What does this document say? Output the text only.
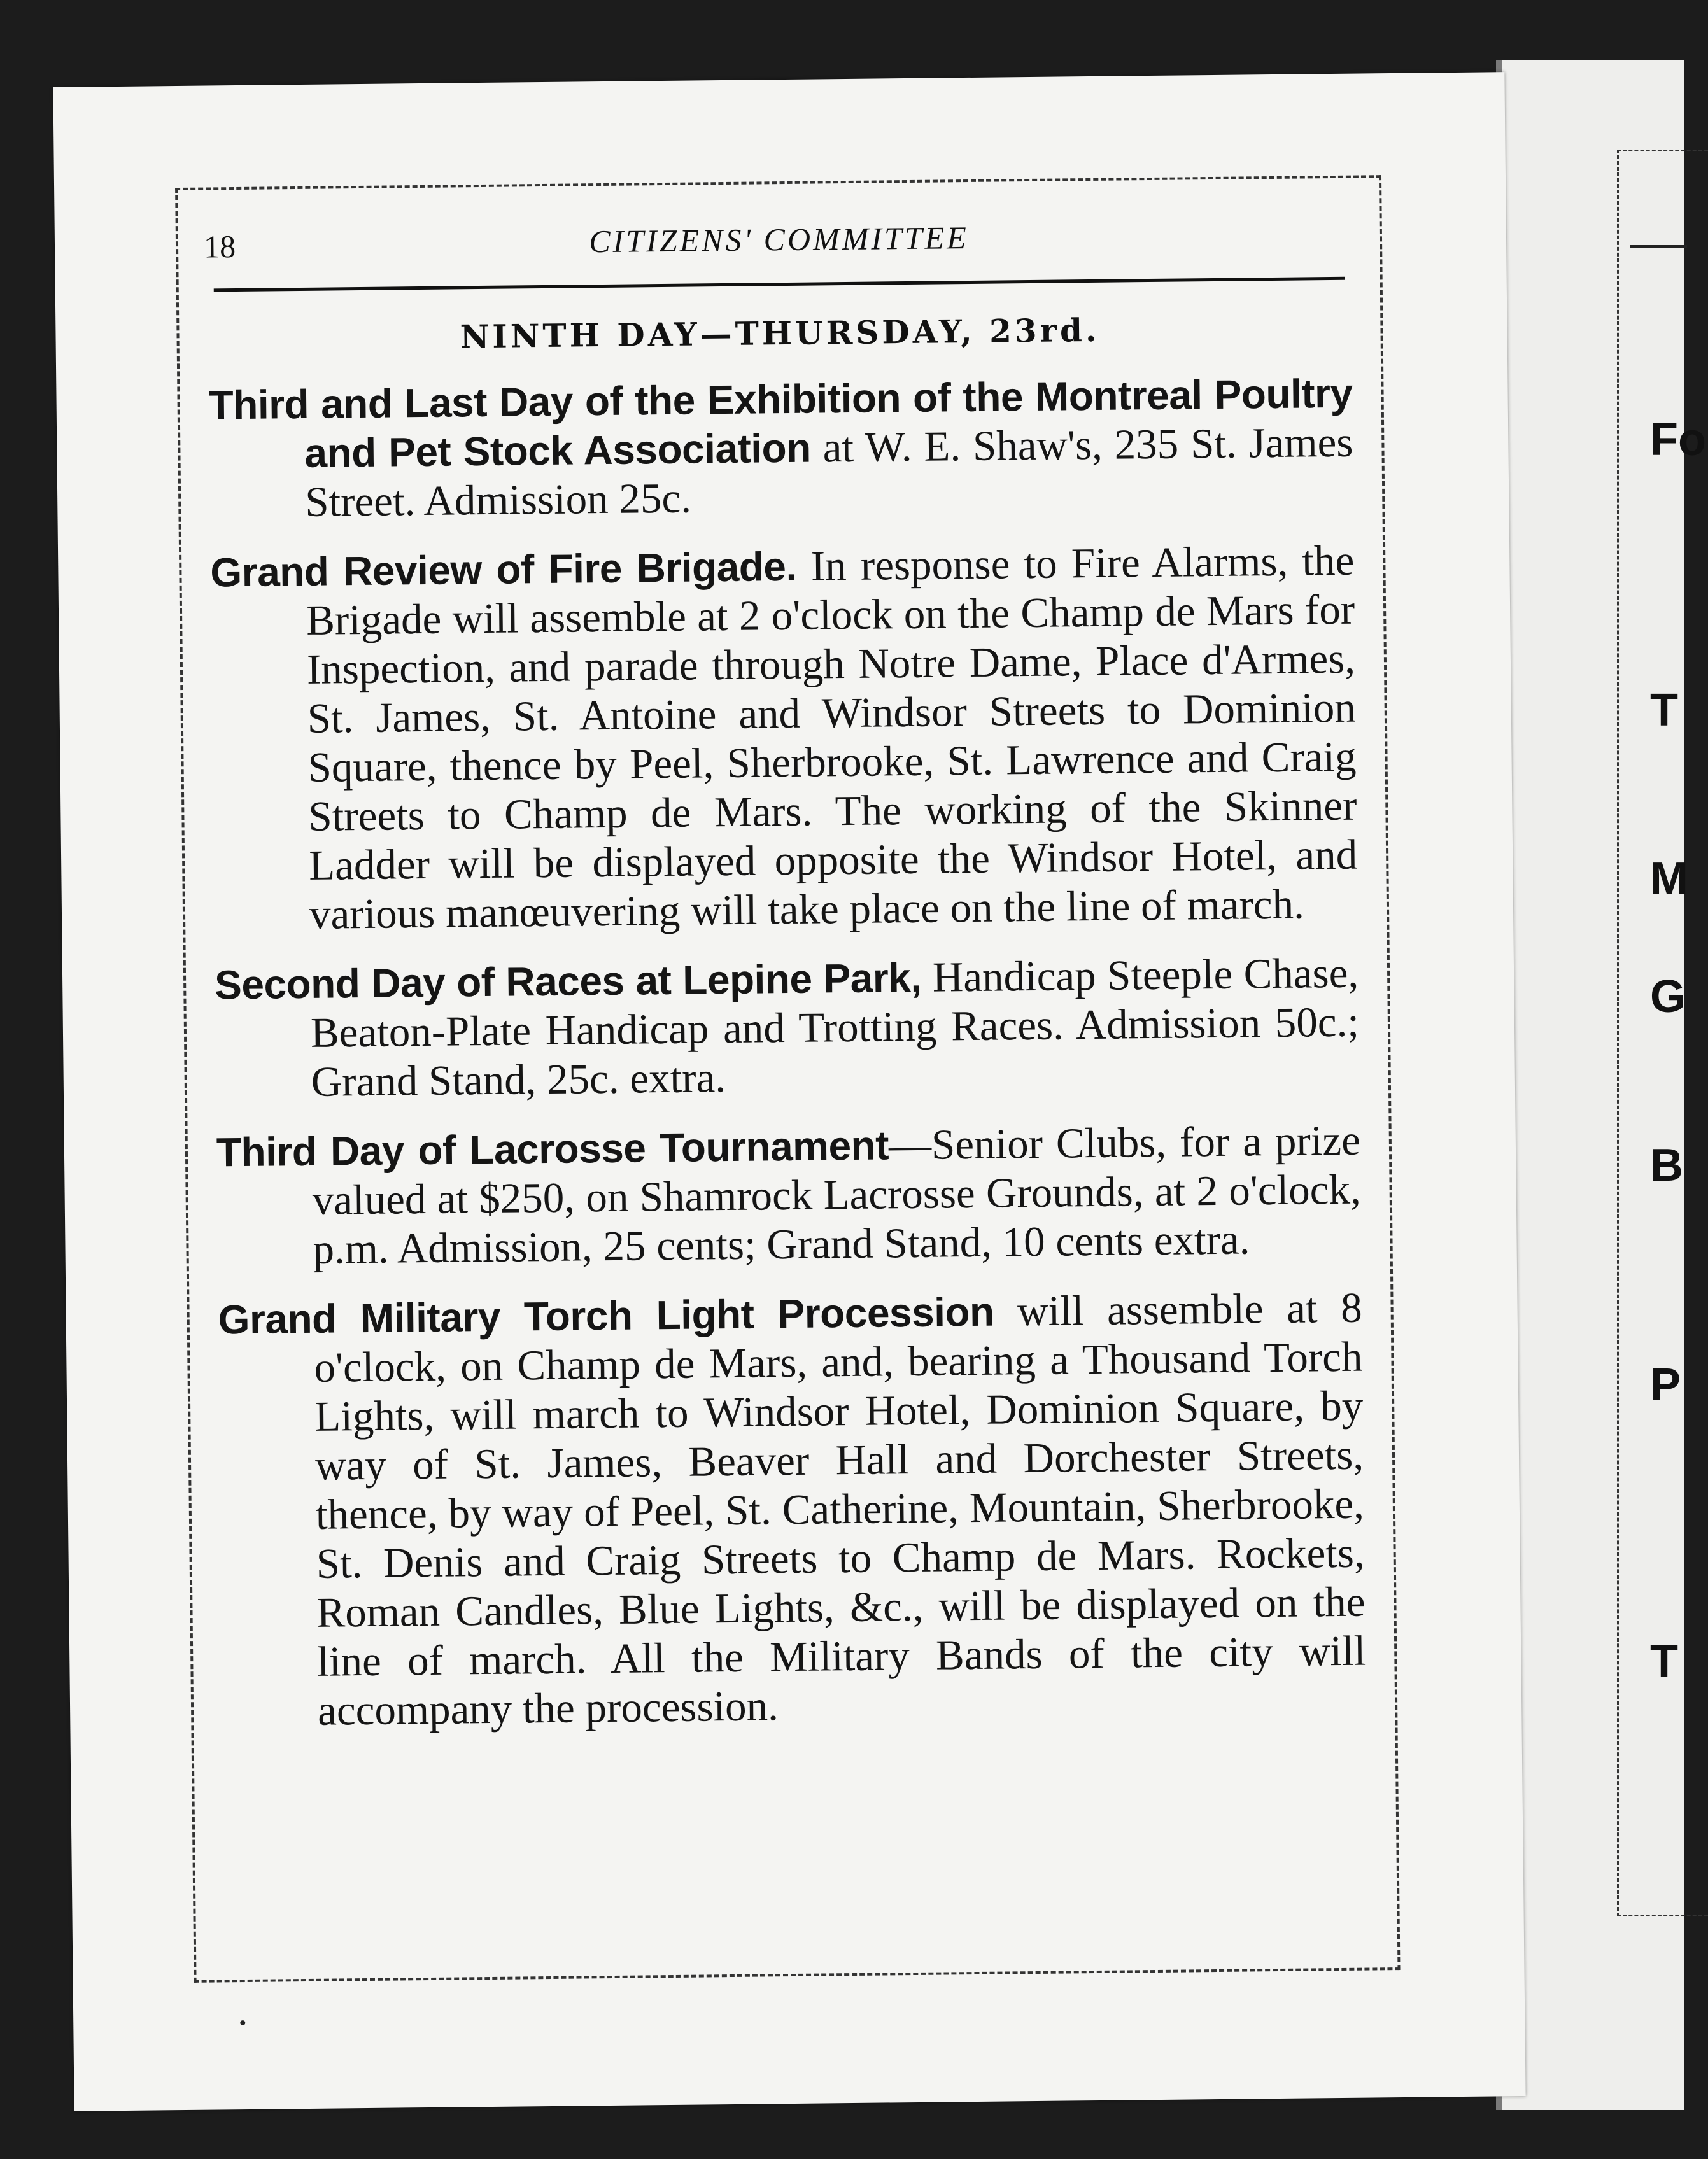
Fo
T
M
G
B
P
T
18	CITIZENS' COMMITTEE
NINTH DAY—THURSDAY, 23rd.

Third and Last Day of the Exhibition of the Montreal Poultry and Pet Stock Association at W. E. Shaw's, 235 St. James Street. Admission 25c.

Grand Review of Fire Brigade. In response to Fire Alarms, the Brigade will assemble at 2 o'clock on the Champ de Mars for Inspection, and parade through Notre Dame, Place d'Armes, St. James, St. Antoine and Windsor Streets to Dominion Square, thence by Peel, Sherbrooke, St. Lawrence and Craig Streets to Champ de Mars. The working of the Skinner Ladder will be displayed opposite the Windsor Hotel, and various manœuvering will take place on the line of march.

Second Day of Races at Lepine Park, Handicap Steeple Chase, Beaton-Plate Handicap and Trotting Races. Admission 50c.; Grand Stand, 25c. extra.

Third Day of Lacrosse Tournament—Senior Clubs, for a prize valued at $250, on Shamrock Lacrosse Grounds, at 2 o'clock, p.m. Admission, 25 cents; Grand Stand, 10 cents extra.

Grand Military Torch Light Procession will assemble at 8 o'clock, on Champ de Mars, and, bearing a Thousand Torch Lights, will march to Windsor Hotel, Dominion Square, by way of St. James, Beaver Hall and Dorchester Streets, thence, by way of Peel, St. Catherine, Mountain, Sherbrooke, St. Denis and Craig Streets to Champ de Mars. Rockets, Roman Candles, Blue Lights, &c., will be displayed on the line of march. All the Military Bands of the city will accompany the procession.
